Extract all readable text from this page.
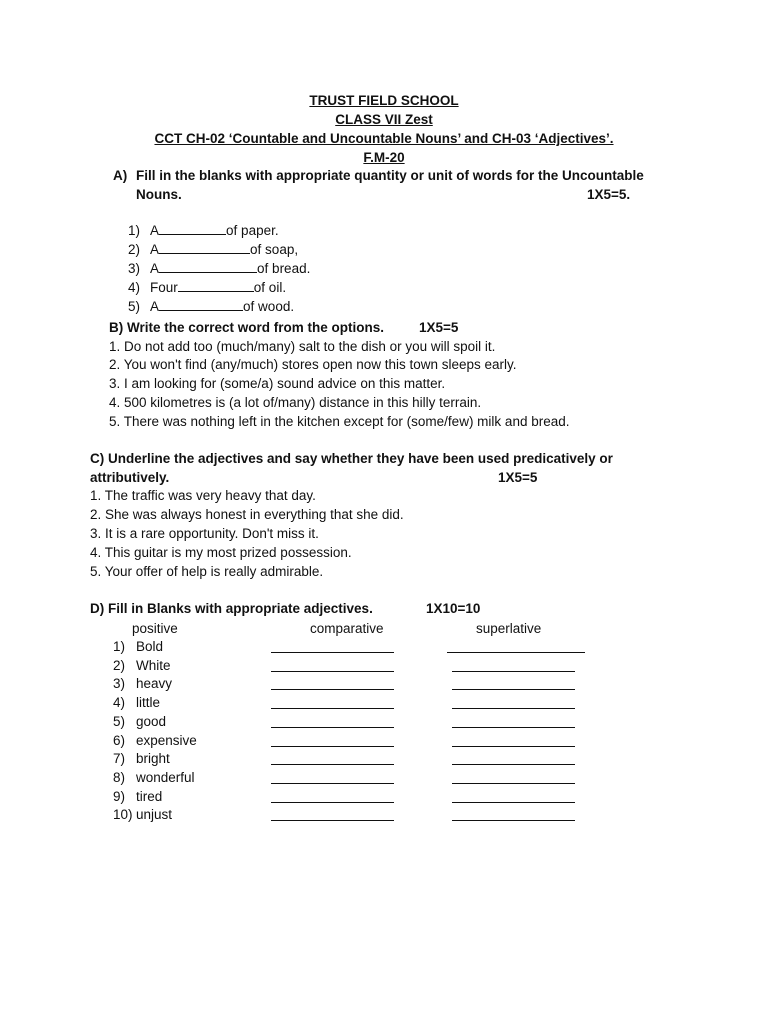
TRUST FIELD SCHOOL
CLASS VII Zest
CCT CH-02 ‘Countable and Uncountable Nouns’ and CH-03 ‘Adjectives’.
F.M-20
A) Fill in the blanks with appropriate quantity or unit of words for the Uncountable
Nouns.	1X5=5.

1) A	of paper.

2) A	of soap,

3) A	of bread.

4) Four	of oil.

5) A	of wood.

B) Write the correct word from the options.	1X5=5
1. Do not add too (much/many) salt to the dish or you will spoil it.
2. You won't find (any/much) stores open now this town sleeps early.
3. I am looking for (some/a) sound advice on this matter.
4. 500 kilometres is (a lot of/many) distance in this hilly terrain.
5. There was nothing left in the kitchen except for (some/few) milk and bread.
C) Underline the adjectives and say whether they have been used predicatively or
attributively.	1X5=5
1. The traffic was very heavy that day.
2. She was always honest in everything that she did.
3. It is a rare opportunity. Don't miss it.
4. This guitar is my most prized possession.
5. Your offer of help is really admirable.
D) Fill in Blanks with appropriate adjectives.	1X10=10
positive	comparative	superlative
1) Bold
2) White
3) heavy
4) little
5) good
6) expensive
7) bright
8) wonderful
9) tired
10) unjust
